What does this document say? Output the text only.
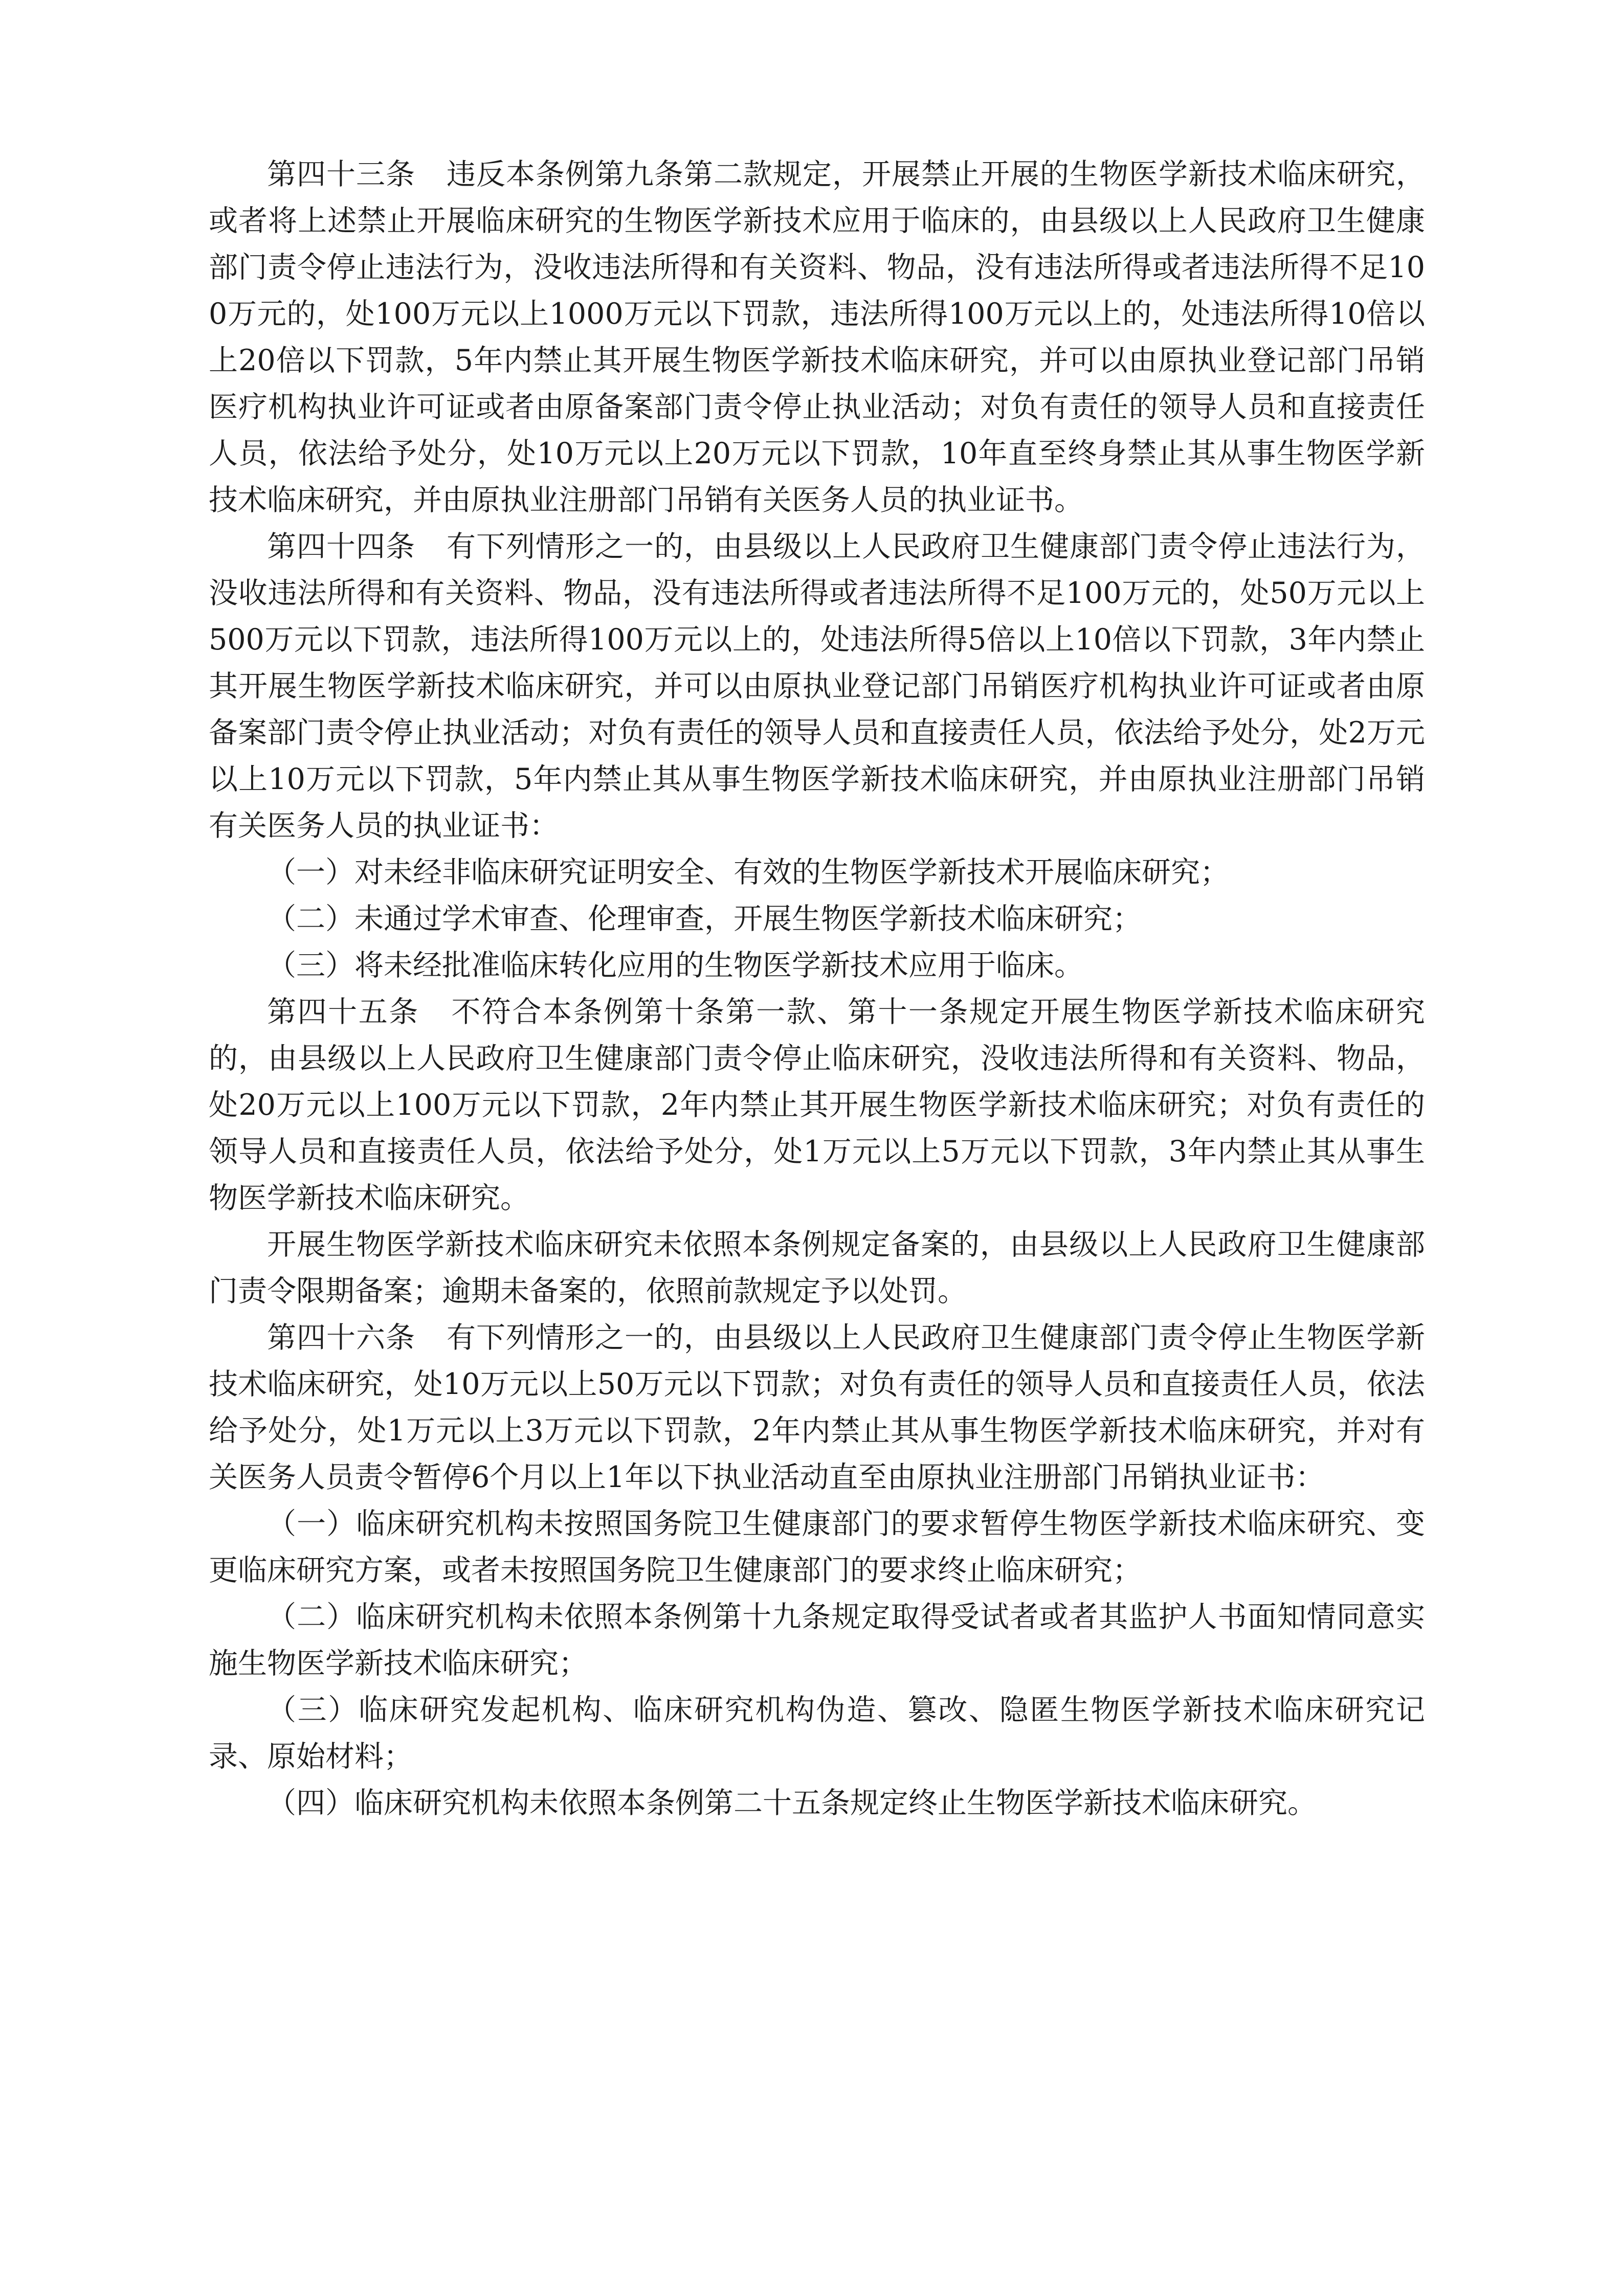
第四十三条 违反本条例第九条第二款规定，开展禁止开展的生物医学新技术临床研究，或者将上述禁止开展临床研究的生物医学新技术应用于临床的，由县级以上人民政府卫生健康部门责令停止违法行为，没收违法所得和有关资料、物品，没有违法所得或者违法所得不足100万元的，处100万元以上1000万元以下罚款，违法所得100万元以上的，处违法所得10倍以上20倍以下罚款，5年内禁止其开展生物医学新技术临床研究，并可以由原执业登记部门吊销医疗机构执业许可证或者由原备案部门责令停止执业活动；对负有责任的领导人员和直接责任人员，依法给予处分，处10万元以上20万元以下罚款，10年直至终身禁止其从事生物医学新技术临床研究，并由原执业注册部门吊销有关医务人员的执业证书。

第四十四条 有下列情形之一的，由县级以上人民政府卫生健康部门责令停止违法行为，没收违法所得和有关资料、物品，没有违法所得或者违法所得不足100万元的，处50万元以上500万元以下罚款，违法所得100万元以上的，处违法所得5倍以上10倍以下罚款，3年内禁止其开展生物医学新技术临床研究，并可以由原执业登记部门吊销医疗机构执业许可证或者由原备案部门责令停止执业活动；对负有责任的领导人员和直接责任人员，依法给予处分，处2万元以上10万元以下罚款，5年内禁止其从事生物医学新技术临床研究，并由原执业注册部门吊销有关医务人员的执业证书：

（一）对未经非临床研究证明安全、有效的生物医学新技术开展临床研究；

（二）未通过学术审查、伦理审查，开展生物医学新技术临床研究；

（三）将未经批准临床转化应用的生物医学新技术应用于临床。

第四十五条 不符合本条例第十条第一款、第十一条规定开展生物医学新技术临床研究的，由县级以上人民政府卫生健康部门责令停止临床研究，没收违法所得和有关资料、物品，处20万元以上100万元以下罚款，2年内禁止其开展生物医学新技术临床研究；对负有责任的领导人员和直接责任人员，依法给予处分，处1万元以上5万元以下罚款，3年内禁止其从事生物医学新技术临床研究。

开展生物医学新技术临床研究未依照本条例规定备案的，由县级以上人民政府卫生健康部门责令限期备案；逾期未备案的，依照前款规定予以处罚。

第四十六条 有下列情形之一的，由县级以上人民政府卫生健康部门责令停止生物医学新技术临床研究，处10万元以上50万元以下罚款；对负有责任的领导人员和直接责任人员，依法给予处分，处1万元以上3万元以下罚款，2年内禁止其从事生物医学新技术临床研究，并对有关医务人员责令暂停6个月以上1年以下执业活动直至由原执业注册部门吊销执业证书：

（一）临床研究机构未按照国务院卫生健康部门的要求暂停生物医学新技术临床研究、变更临床研究方案，或者未按照国务院卫生健康部门的要求终止临床研究；

（二）临床研究机构未依照本条例第十九条规定取得受试者或者其监护人书面知情同意实施生物医学新技术临床研究；

（三）临床研究发起机构、临床研究机构伪造、篡改、隐匿生物医学新技术临床研究记录、原始材料；

（四）临床研究机构未依照本条例第二十五条规定终止生物医学新技术临床研究。
